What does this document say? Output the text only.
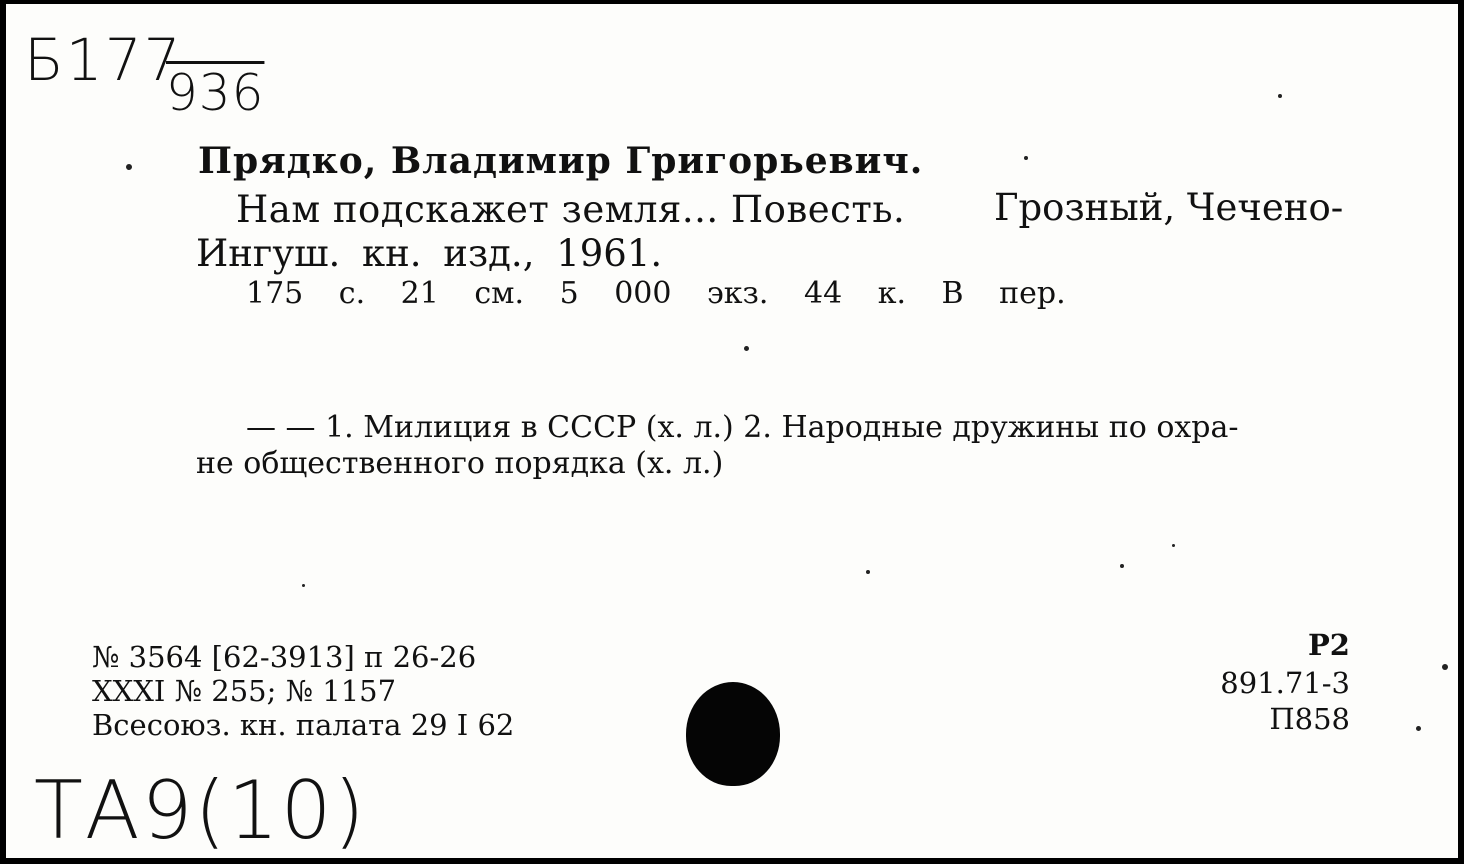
Б177
936
Прядко, Владимир Григорьевич.
Нам подскажет земля... Повесть. Грозный, Чечено-
Ингуш. кн. изд., 1961.
175 с. 21 см. 5 000 экз. 44 к. В пер.
— — 1. Милиция в СССР (х. л.) 2. Народные дружины по охра-
не общественного порядка (х. л.)
№ 3564 [62-3913] п 26-26
XXXI № 255; № 1157
Всесоюз. кн. палата 29 I 62
Р2
891.71-3
П858
ТА9(10)
